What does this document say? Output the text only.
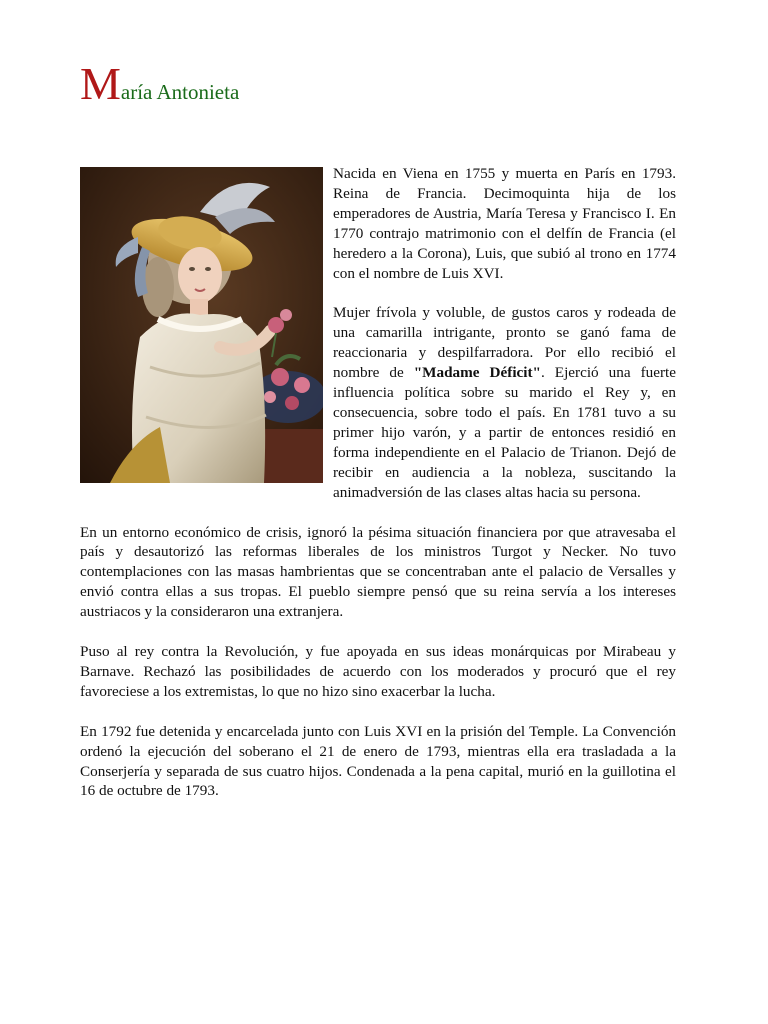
María Antonieta

Nacida en Viena en 1755 y muerta en París en 1793. Reina de Francia. Decimoquinta hija de los emperadores de Austria, María Teresa y Francisco I. En 1770 contrajo matrimonio con el delfín de Francia (el heredero a la Corona), Luis, que subió al trono en 1774 con el nombre de Luis XVI.

Mujer frívola y voluble, de gustos caros y rodeada de una camarilla intrigante, pronto se ganó fama de reaccionaria y despilfarradora. Por ello recibió el nombre de "Madame Déficit". Ejerció una fuerte influencia política sobre su marido el Rey y, en consecuencia, sobre todo el país. En 1781 tuvo a su primer hijo varón, y a partir de entonces residió en forma independiente en el Palacio de Trianon. Dejó de recibir en audiencia a la nobleza, suscitando la animadversión de las clases altas hacia su persona.

En un entorno económico de crisis, ignoró la pésima situación financiera por que atravesaba el país y desautorizó las reformas liberales de los ministros Turgot y Necker. No tuvo contemplaciones con las masas hambrientas que se concentraban ante el palacio de Versalles y envió contra ellas a sus tropas. El pueblo siempre pensó que su reina servía a los intereses austriacos y la consideraron una extranjera.

Puso al rey contra la Revolución, y fue apoyada en sus ideas monárquicas por Mirabeau y Barnave. Rechazó las posibilidades de acuerdo con los moderados y procuró que el rey favoreciese a los extremistas, lo que no hizo sino exacerbar la lucha.

En 1792 fue detenida y encarcelada junto con Luis XVI en la prisión del Temple. La Convención ordenó la ejecución del soberano el 21 de enero de 1793, mientras ella era trasladada a la Conserjería y separada de sus cuatro hijos. Condenada a la pena capital, murió en la guillotina el 16 de octubre de 1793.
